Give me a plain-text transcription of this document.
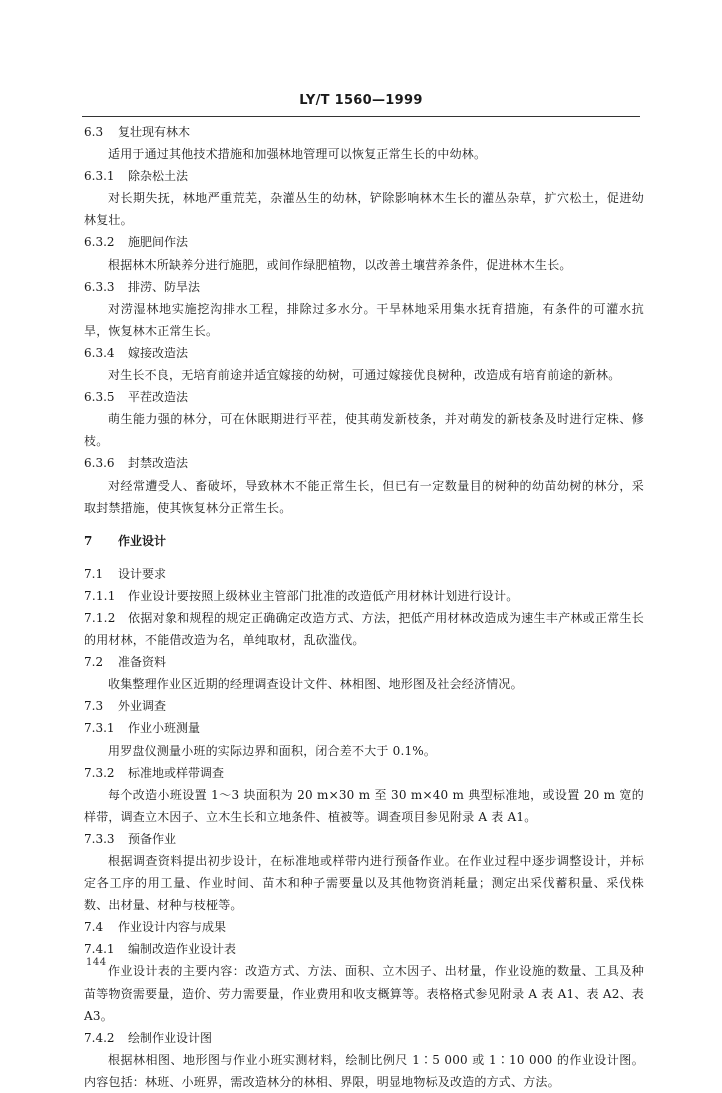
LY/T 1560—1999
6.3 复壮现有林木
适用于通过其他技术措施和加强林地管理可以恢复正常生长的中幼林。
6.3.1 除杂松土法
对长期失抚，林地严重荒芜，杂灌丛生的幼林，铲除影响林木生长的灌丛杂草，扩穴松土，促进幼林复壮。
6.3.2 施肥间作法
根据林木所缺养分进行施肥，或间作绿肥植物，以改善土壤营养条件，促进林木生长。
6.3.3 排涝、防旱法
对涝湿林地实施挖沟排水工程，排除过多水分。干旱林地采用集水抚育措施，有条件的可灌水抗旱，恢复林木正常生长。
6.3.4 嫁接改造法
对生长不良，无培育前途并适宜嫁接的幼树，可通过嫁接优良树种，改造成有培育前途的新林。
6.3.5 平茬改造法
萌生能力强的林分，可在休眠期进行平茬，使其萌发新枝条，并对萌发的新枝条及时进行定株、修枝。
6.3.6 封禁改造法
对经常遭受人、畜破坏，导致林木不能正常生长，但已有一定数量目的树种的幼苗幼树的林分，采取封禁措施，使其恢复林分正常生长。
7 作业设计
7.1 设计要求
7.1.1 作业设计要按照上级林业主管部门批准的改造低产用材林计划进行设计。
7.1.2 依据对象和规程的规定正确确定改造方式、方法，把低产用材林改造成为速生丰产林或正常生长的用材林，不能借改造为名，单纯取材，乱砍滥伐。
7.2 准备资料
收集整理作业区近期的经理调查设计文件、林相图、地形图及社会经济情况。
7.3 外业调查
7.3.1 作业小班测量
用罗盘仪测量小班的实际边界和面积，闭合差不大于 0.1%。
7.3.2 标准地或样带调查
每个改造小班设置 1～3 块面积为 20 m×30 m 至 30 m×40 m 典型标准地，或设置 20 m 宽的样带，调查立木因子、立木生长和立地条件、植被等。调查项目参见附录 A 表 A1。
7.3.3 预备作业
根据调查资料提出初步设计，在标准地或样带内进行预备作业。在作业过程中逐步调整设计，并标定各工序的用工量、作业时间、苗木和种子需要量以及其他物资消耗量；测定出采伐蓄积量、采伐株数、出材量、材种与枝桠等。
7.4 作业设计内容与成果
7.4.1 编制改造作业设计表
作业设计表的主要内容：改造方式、方法、面积、立木因子、出材量，作业设施的数量、工具及种苗等物资需要量，造价、劳力需要量，作业费用和收支概算等。表格格式参见附录 A 表 A1、表 A2、表 A3。
7.4.2 绘制作业设计图
根据林相图、地形图与作业小班实测材料，绘制比例尺 1∶5 000 或 1∶10 000 的作业设计图。内容包括：林班、小班界，需改造林分的林相、界限，明显地物标及改造的方式、方法。
144
